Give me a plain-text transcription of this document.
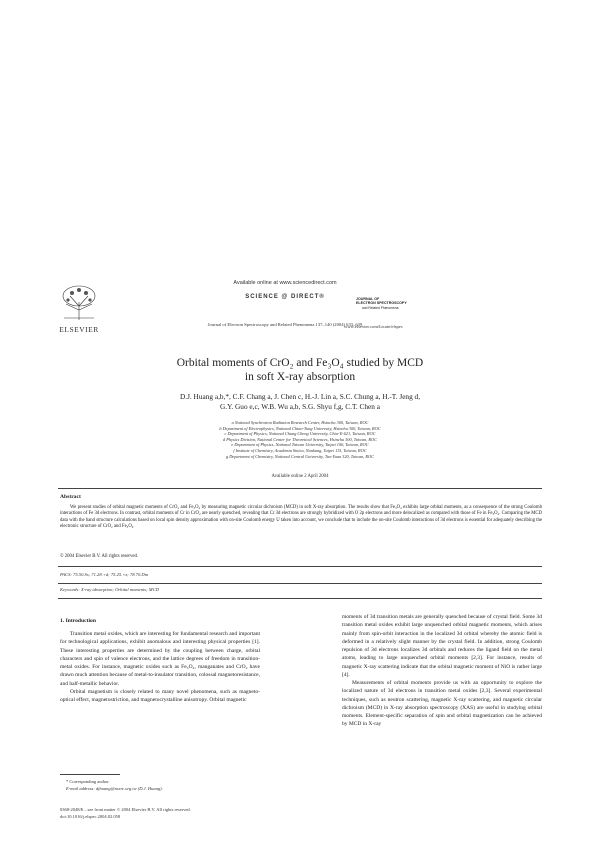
ELSEVIER
Available online at www.sciencedirect.com
SCIENCE @ DIRECT®
Journal of Electron Spectroscopy and Related Phenomena 137–140 (2004) 633–639
JOURNAL OF
ELECTRON SPECTROSCOPY
and Related Phenomena
www.elsevier.com/locate/elspec
Orbital moments of CrO₂ and Fe₃O₄ studied by MCD
in soft X-ray absorption
D.J. Huang a,b,*, C.F. Chang a, J. Chen c, H.-J. Lin a, S.C. Chung a, H.-T. Jeng d,
G.Y. Guo e,c, W.B. Wu a,b, S.G. Shyu f,g, C.T. Chen a
a National Synchrotron Radiation Research Center, Hsinchu 300, Taiwan, ROC
b Department of Electrophysics, National Chiao-Tung University, Hsinchu 300, Taiwan, ROC
c Department of Physics, National Chung Cheng University, Chia-Yi 621, Taiwan, ROC
d Physics Division, National Center for Theoretical Sciences, Hsinchu 300, Taiwan, ROC
e Department of Physics, National Taiwan University, Taipei 106, Taiwan, ROC
f Institute of Chemistry, Academia Sinica, Nankang, Taipei 115, Taiwan, ROC
g Department of Chemistry, National Central University, Tao-Yuan 320, Taiwan, ROC
Available online 2 April 2004
Abstract
We present studies of orbital magnetic moments of CrO₂ and Fe₃O₄ by measuring magnetic circular dichroism (MCD) in soft X-ray absorption. The results show that Fe₃O₄ exhibits large orbital moments, as a consequence of the strong Coulomb interactions of Fe 3d electrons. In contrast, orbital moments of Cr in CrO₂ are nearly quenched, revealing that Cr 3d electrons are strongly hybridized with O 2p electrons and more delocalized as compared with those of Fe in Fe₃O₄. Comparing the MCD data with the band structure calculations based on local spin density approximation with on-site Coulomb energy U taken into account, we conclude that to include the on-site Coulomb interactions of 3d electrons is essential for adequately describing the electronic structure of CrO₂ and Fe₃O₄.
© 2004 Elsevier B.V. All rights reserved.
PACS: 75.50.Ss; 71.28.+d; 75.25.+z; 78.70.Dm
Keywords: X-ray absorption; Orbital moments; MCD
1. Introduction

Transition metal oxides, which are interesting for fundamental research and important for technological applications, exhibit anomalous and interesting physical properties [1]. These interesting properties are determined by the coupling between charge, orbital characters and spin of valence electrons, and the lattice degrees of freedom in transition-metal oxides. For instance, magnetic oxides such as Fe₃O₄, manganates and CrO₂ have drawn much attention because of metal-to-insulator transition, colossal magnetoresistance, and half-metallic behavior.

Orbital magnetism is closely related to many novel phenomena, such as magneto-optical effect, magnetostriction, and magnetocrystalline anisotropy. Orbital magnetic

moments of 3d transition metals are generally quenched because of crystal field. Some 3d transition metal oxides exhibit large unquenched orbital magnetic moments, which arises mainly from spin-orbit interaction in the localized 3d orbital whereby the atomic field is deformed in a relatively slight manner by the crystal field. In addition, strong Coulomb repulsion of 3d electrons localizes 3d orbitals and reduces the ligand field on the metal atoms, leading to large unquenched orbital moments [2,3]. For instance, results of magnetic X-ray scattering indicate that the orbital magnetic moment of NiO is rather large [4].

Measurements of orbital moments provide us with an opportunity to explore the localized nature of 3d electrons in transition metal oxides [2,3]. Several experimental techniques, such as neutron scattering, magnetic X-ray scattering, and magnetic circular dichroism (MCD) in X-ray absorption spectroscopy (XAS) are useful in studying orbital moments. Element-specific separation of spin and orbital magnetization can be achieved by MCD in X-ray

* Corresponding author.
E-mail address: djhuang@nsrrc.org.tw (D.J. Huang).
0368-2048/$ – see front matter © 2004 Elsevier B.V. All rights reserved.
doi:10.1016/j.elspec.2004.02.058
